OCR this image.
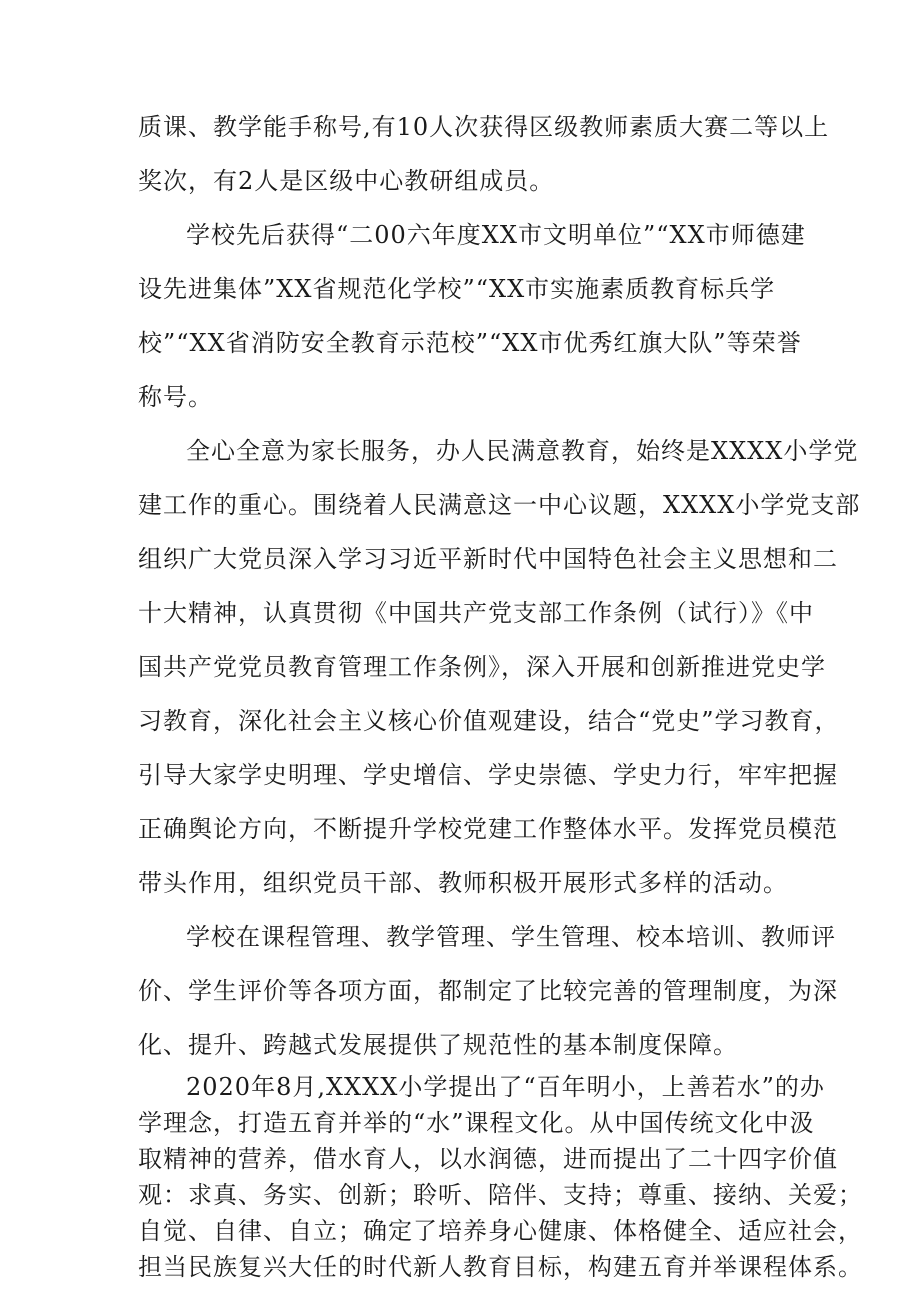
质课、教学能手称号,有10人次获得区级教师素质大赛二等以上
奖次，有2人是区级中心教研组成员。
学校先后获得“二00六年度XX市文明单位”“XX市师德建
设先进集体”XX省规范化学校”“XX市实施素质教育标兵学
校”“XX省消防安全教育示范校”“XX市优秀红旗大队”等荣誉
称号。
全心全意为家长服务，办人民满意教育，始终是XXXX小学党
建工作的重心。围绕着人民满意这一中心议题，XXXX小学党支部
组织广大党员深入学习习近平新时代中国特色社会主义思想和二
十大精神，认真贯彻《中国共产党支部工作条例（试行）》《中
国共产党党员教育管理工作条例》，深入开展和创新推进党史学
习教育，深化社会主义核心价值观建设，结合“党史”学习教育，
引导大家学史明理、学史增信、学史崇德、学史力行，牢牢把握
正确舆论方向，不断提升学校党建工作整体水平。发挥党员模范
带头作用，组织党员干部、教师积极开展形式多样的活动。
学校在课程管理、教学管理、学生管理、校本培训、教师评
价、学生评价等各项方面，都制定了比较完善的管理制度，为深
化、提升、跨越式发展提供了规范性的基本制度保障。
2020年8月,XXXX小学提出了“百年明小，上善若水”的办
学理念，打造五育并举的“水”课程文化。从中国传统文化中汲
取精神的营养，借水育人，以水润德，进而提出了二十四字价值
观：求真、务实、创新；聆听、陪伴、支持；尊重、接纳、关爱；
自觉、自律、自立；确定了培养身心健康、体格健全、适应社会，
担当民族复兴大任的时代新人教育目标，构建五育并举课程体系。
